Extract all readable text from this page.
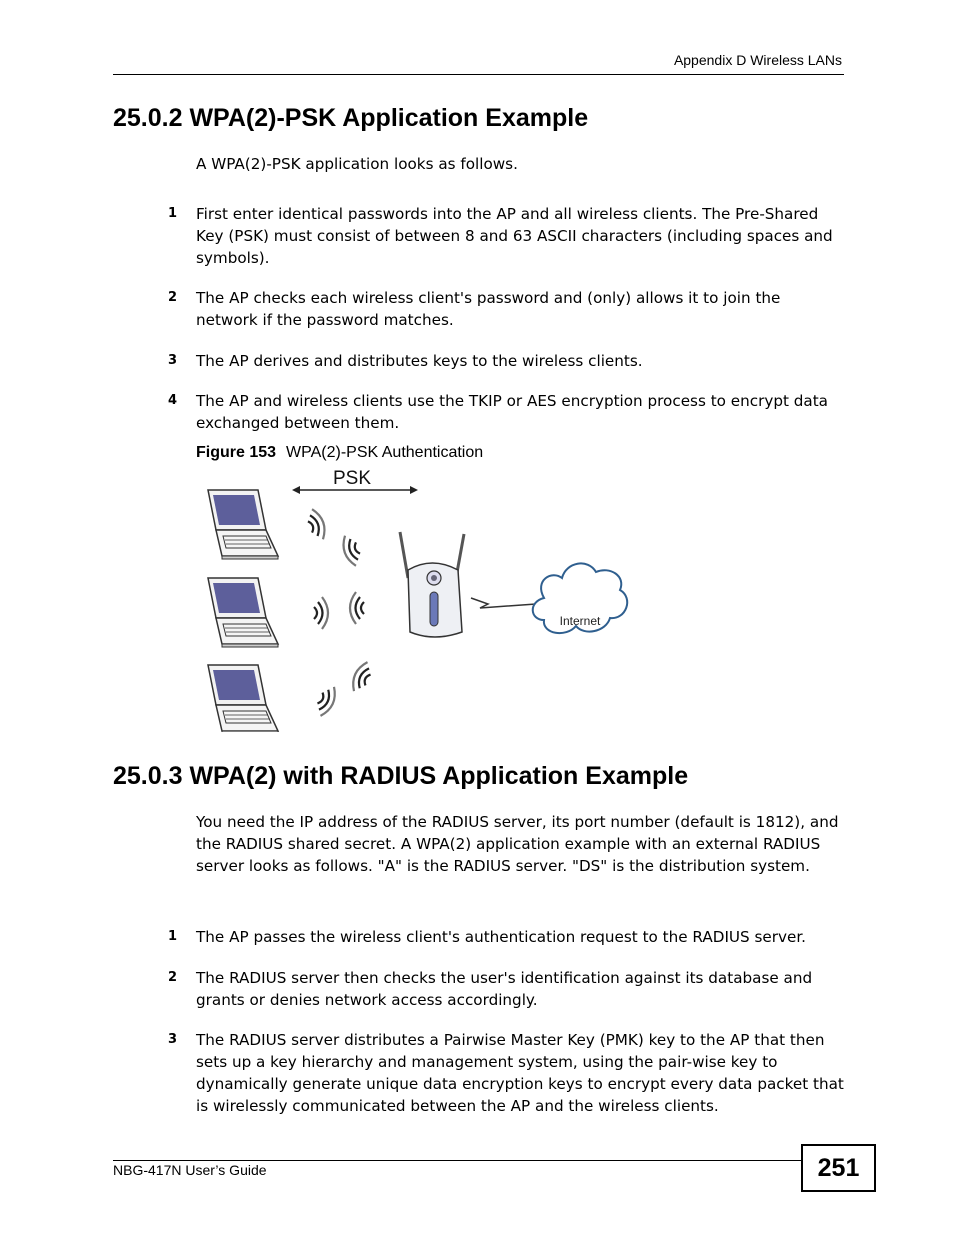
Appendix D Wireless LANs
25.0.2 WPA(2)-PSK Application Example

A WPA(2)-PSK application looks as follows.

1 First enter identical passwords into the AP and all wireless clients. The Pre-Shared Key (PSK) must consist of between 8 and 63 ASCII characters (including spaces and symbols).

2 The AP checks each wireless client's password and (only) allows it to join the network if the password matches.

3 The AP derives and distributes keys to the wireless clients.

4 The AP and wireless clients use the TKIP or AES encryption process to encrypt data exchanged between them.

Figure 153 WPA(2)-PSK Authentication
PSK
Internet
25.0.3 WPA(2) with RADIUS Application Example

You need the IP address of the RADIUS server, its port number (default is 1812), and the RADIUS shared secret. A WPA(2) application example with an external RADIUS server looks as follows. "A" is the RADIUS server. "DS" is the distribution system.

1 The AP passes the wireless client's authentication request to the RADIUS server.

2 The RADIUS server then checks the user's identification against its database and grants or denies network access accordingly.

3 The RADIUS server distributes a Pairwise Master Key (PMK) key to the AP that then sets up a key hierarchy and management system, using the pair-wise key to dynamically generate unique data encryption keys to encrypt every data packet that is wirelessly communicated between the AP and the wireless clients.

NBG-417N User’s Guide	251
